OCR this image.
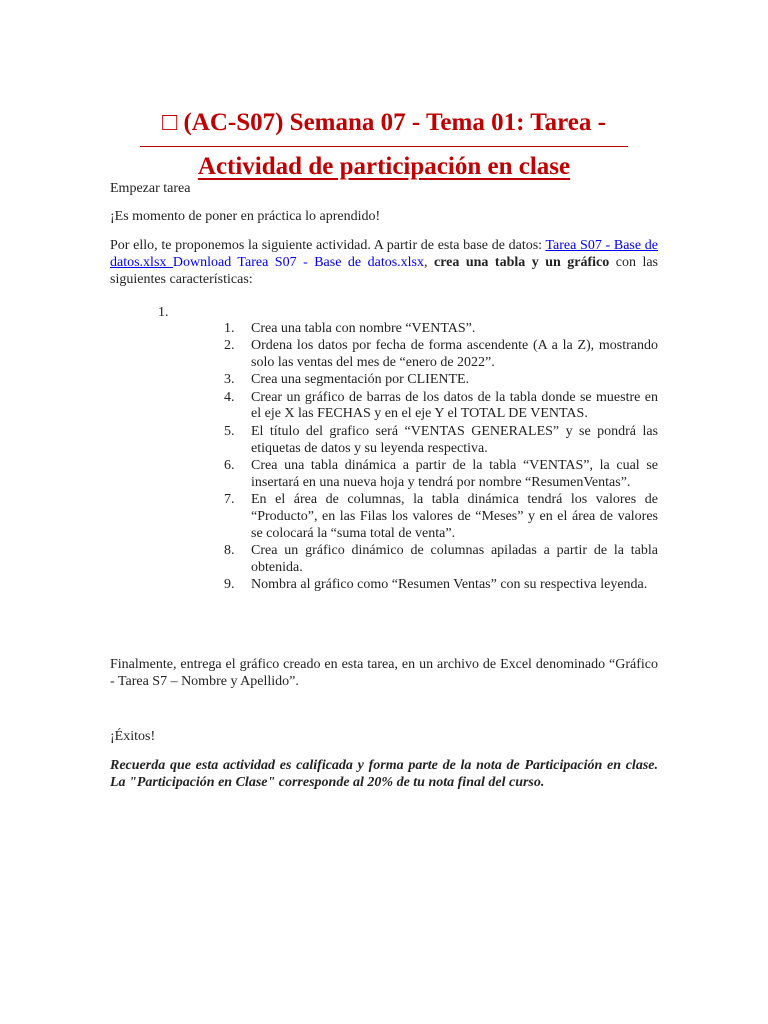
□ (AC-S07) Semana 07 - Tema 01: Tarea -
Actividad de participación en clase
Empezar tarea
¡Es momento de poner en práctica lo aprendido!
Por ello, te proponemos la siguiente actividad. A partir de esta base de datos: Tarea S07 - Base de datos.xlsx Download Tarea S07 - Base de datos.xlsx, crea una tabla y un gráfico con las siguientes características:
1.
1. Crea una tabla con nombre “VENTAS”.
2. Ordena los datos por fecha de forma ascendente (A a la Z), mostrando solo las ventas del mes de “enero de 2022”.
3. Crea una segmentación por CLIENTE.
4. Crear un gráfico de barras de los datos de la tabla donde se muestre en el eje X las FECHAS y en el eje Y el TOTAL DE VENTAS.
5. El título del grafico será “VENTAS GENERALES” y se pondrá las etiquetas de datos y su leyenda respectiva.
6. Crea una tabla dinámica a partir de la tabla “VENTAS”, la cual se insertará en una nueva hoja y tendrá por nombre “ResumenVentas”.
7. En el área de columnas, la tabla dinámica tendrá los valores de “Producto”, en las Filas los valores de “Meses” y en el área de valores se colocará la “suma total de venta”.
8. Crea un gráfico dinámico de columnas apiladas a partir de la tabla obtenida.
9. Nombra al gráfico como “Resumen Ventas” con su respectiva leyenda.
Finalmente, entrega el gráfico creado en esta tarea, en un archivo de Excel denominado “Gráfico - Tarea S7 – Nombre y Apellido”.
¡Éxitos!
Recuerda que esta actividad es calificada y forma parte de la nota de Participación en clase. La "Participación en Clase" corresponde al 20% de tu nota final del curso.
